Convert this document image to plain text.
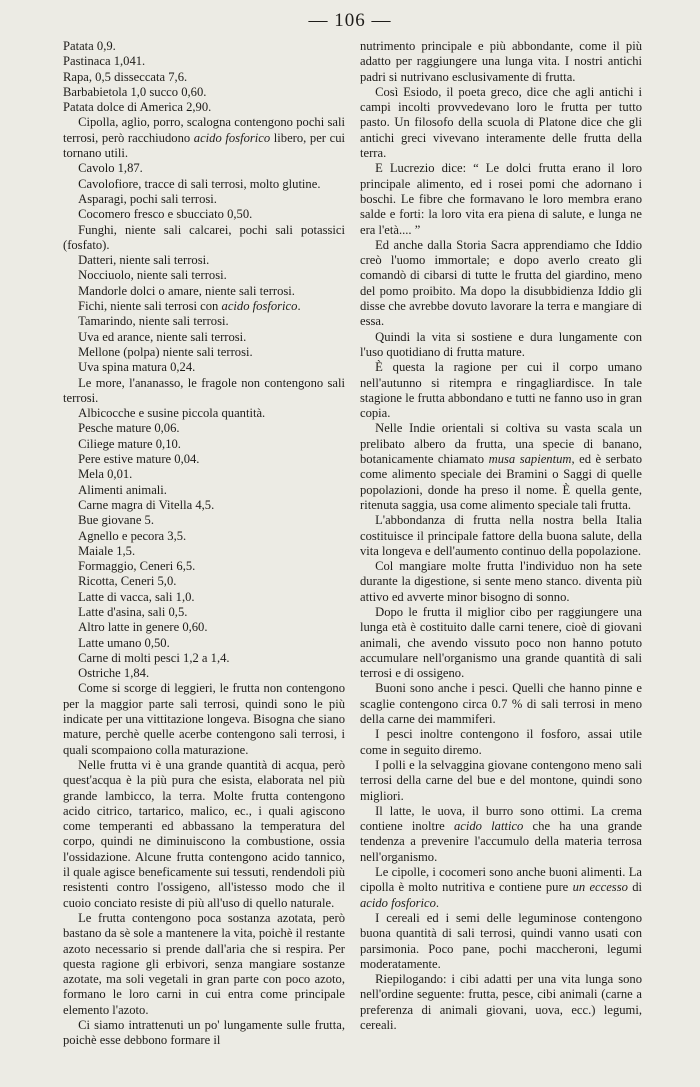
— 106 —

Patata 0,9.

Pastinaca 1,041.

Rapa, 0,5 disseccata 7,6.

Barbabietola 1,0 succo 0,60.

Patata dolce di America 2,90.

Cipolla, aglio, porro, scalogna contengono pochi sali terrosi, però racchiudono acido fosforico libero, per cui tornano utili.

Cavolo 1,87.

Cavolofiore, tracce di sali terrosi, molto glutine.

Asparagi, pochi sali terrosi.

Cocomero fresco e sbucciato 0,50.

Funghi, niente sali calcarei, pochi sali potassici (fosfato).

Datteri, niente sali terrosi.

Nocciuolo, niente sali terrosi.

Mandorle dolci o amare, niente sali terrosi.

Fichi, niente sali terrosi con acido fosforico.

Tamarindo, niente sali terrosi.

Uva ed arance, niente sali terrosi.

Mellone (polpa) niente sali terrosi.

Uva spina matura 0,24.

Le more, l'ananasso, le fragole non contengono sali terrosi.

Albicocche e susine piccola quantità.

Pesche mature 0,06.

Ciliege mature 0,10.

Pere estive mature 0,04.

Mela 0,01.

Alimenti animali.

Carne magra di Vitella 4,5.

Bue giovane 5.

Agnello e pecora 3,5.

Maiale 1,5.

Formaggio, Ceneri 6,5.

Ricotta, Ceneri 5,0.

Latte di vacca, sali 1,0.

Latte d'asina, sali 0,5.

Altro latte in genere 0,60.

Latte umano 0,50.

Carne di molti pesci 1,2 a 1,4.

Ostriche 1,84.

Come si scorge di leggieri, le frutta non contengono per la maggior parte sali terrosi, quindi sono le più indicate per una vittitazione longeva. Bisogna che siano mature, perchè quelle acerbe contengono sali terrosi, i quali scompaiono colla maturazione.

Nelle frutta vi è una grande quantità di acqua, però quest'acqua è la più pura che esista, elaborata nel più grande lambicco, la terra. Molte frutta contengono acido citrico, tartarico, malico, ec., i quali agiscono come temperanti ed abbassano la temperatura del corpo, quindi ne diminuiscono la combustione, ossia l'ossidazione. Alcune frutta contengono acido tannico, il quale agisce beneficamente sui tessuti, rendendoli più resistenti contro l'ossigeno, all'istesso modo che il cuoio conciato resiste di più all'uso di quello naturale.

Le frutta contengono poca sostanza azotata, però bastano da sè sole a mantenere la vita, poichè il restante azoto necessario si prende dall'aria che si respira. Per questa ragione gli erbivori, senza mangiare sostanze azotate, ma soli vegetali in gran parte con poco azoto, formano le loro carni in cui entra come principale elemento l'azoto.

Ci siamo intrattenuti un po' lungamente sulle frutta, poichè esse debbono formare il

nutrimento principale e più abbondante, come il più adatto per raggiungere una lunga vita. I nostri antichi padri si nutrivano esclusivamente di frutta.

Così Esiodo, il poeta greco, dice che agli antichi i campi incolti provvedevano loro le frutta per tutto pasto. Un filosofo della scuola di Platone dice che gli antichi greci vivevano interamente delle frutta della terra.

E Lucrezio dice: “ Le dolci frutta erano il loro principale alimento, ed i rosei pomi che adornano i boschi. Le fibre che formavano le loro membra erano salde e forti: la loro vita era piena di salute, e lunga ne era l'età.... ”

Ed anche dalla Storia Sacra apprendiamo che Iddio creò l'uomo immortale; e dopo averlo creato gli comandò di cibarsi di tutte le frutta del giardino, meno del pomo proibito. Ma dopo la disubbidienza Iddio gli disse che avrebbe dovuto lavorare la terra e mangiare di essa.

Quindi la vita si sostiene e dura lungamente con l'uso quotidiano di frutta mature.

È questa la ragione per cui il corpo umano nell'autunno si ritempra e ringagliardisce. In tale stagione le frutta abbondano e tutti ne fanno uso in gran copia.

Nelle Indie orientali si coltiva su vasta scala un prelibato albero da frutta, una specie di banano, botanicamente chiamato musa sapientum, ed è serbato come alimento speciale dei Bramini o Saggi di quelle popolazioni, donde ha preso il nome. È quella gente, ritenuta saggia, usa come alimento speciale tali frutta.

L'abbondanza di frutta nella nostra bella Italia costituisce il principale fattore della buona salute, della vita longeva e dell'aumento continuo della popolazione.

Col mangiare molte frutta l'individuo non ha sete durante la digestione, si sente meno stanco. diventa più attivo ed avverte minor bisogno di sonno.

Dopo le frutta il miglior cibo per raggiungere una lunga età è costituito dalle carni tenere, cioè di giovani animali, che avendo vissuto poco non hanno potuto accumulare nell'organismo una grande quantità di sali terrosi e di ossigeno.

Buoni sono anche i pesci. Quelli che hanno pinne e scaglie contengono circa 0.7 % di sali terrosi in meno della carne dei mammiferi.

I pesci inoltre contengono il fosforo, assai utile come in seguito diremo.

I polli e la selvaggina giovane contengono meno sali terrosi della carne del bue e del montone, quindi sono migliori.

Il latte, le uova, il burro sono ottimi. La crema contiene inoltre acido lattico che ha una grande tendenza a prevenire l'accumulo della materia terrosa nell'organismo.

Le cipolle, i cocomeri sono anche buoni alimenti. La cipolla è molto nutritiva e contiene pure un eccesso di acido fosforico.

I cereali ed i semi delle leguminose contengono buona quantità di sali terrosi, quindi vanno usati con parsimonia. Poco pane, pochi maccheroni, legumi moderatamente.

Riepilogando: i cibi adatti per una vita lunga sono nell'ordine seguente: frutta, pesce, cibi animali (carne a preferenza di animali giovani, uova, ecc.) legumi, cereali.
